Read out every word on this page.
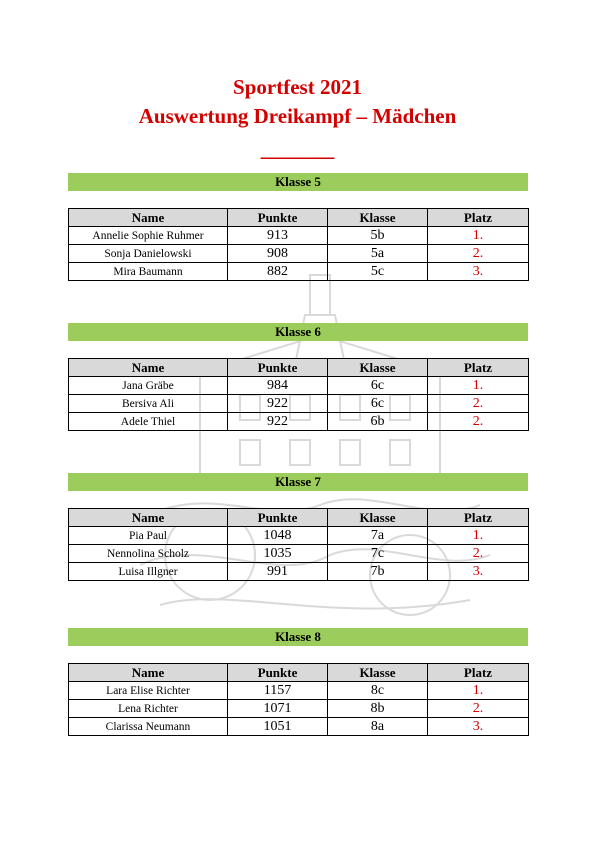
Sportfest 2021
Auswertung Dreikampf – Mädchen
_______
Klasse 5
Name	Punkte	Klasse	Platz
Annelie Sophie Ruhmer	913	5b	1.
Sonja Danielowski	908	5a	2.
Mira Baumann	882	5c	3.
Klasse 6
Name	Punkte	Klasse	Platz
Jana Gräbe	984	6c	1.
Bersiva Ali	922	6c	2.
Adele Thiel	922	6b	2.
Klasse 7
Name	Punkte	Klasse	Platz
Pia Paul	1048	7a	1.
Nennolina Scholz	1035	7c	2.
Luisa Illgner	991	7b	3.
Klasse 8
Name	Punkte	Klasse	Platz
Lara Elise Richter	1157	8c	1.
Lena Richter	1071	8b	2.
Clarissa Neumann	1051	8a	3.
